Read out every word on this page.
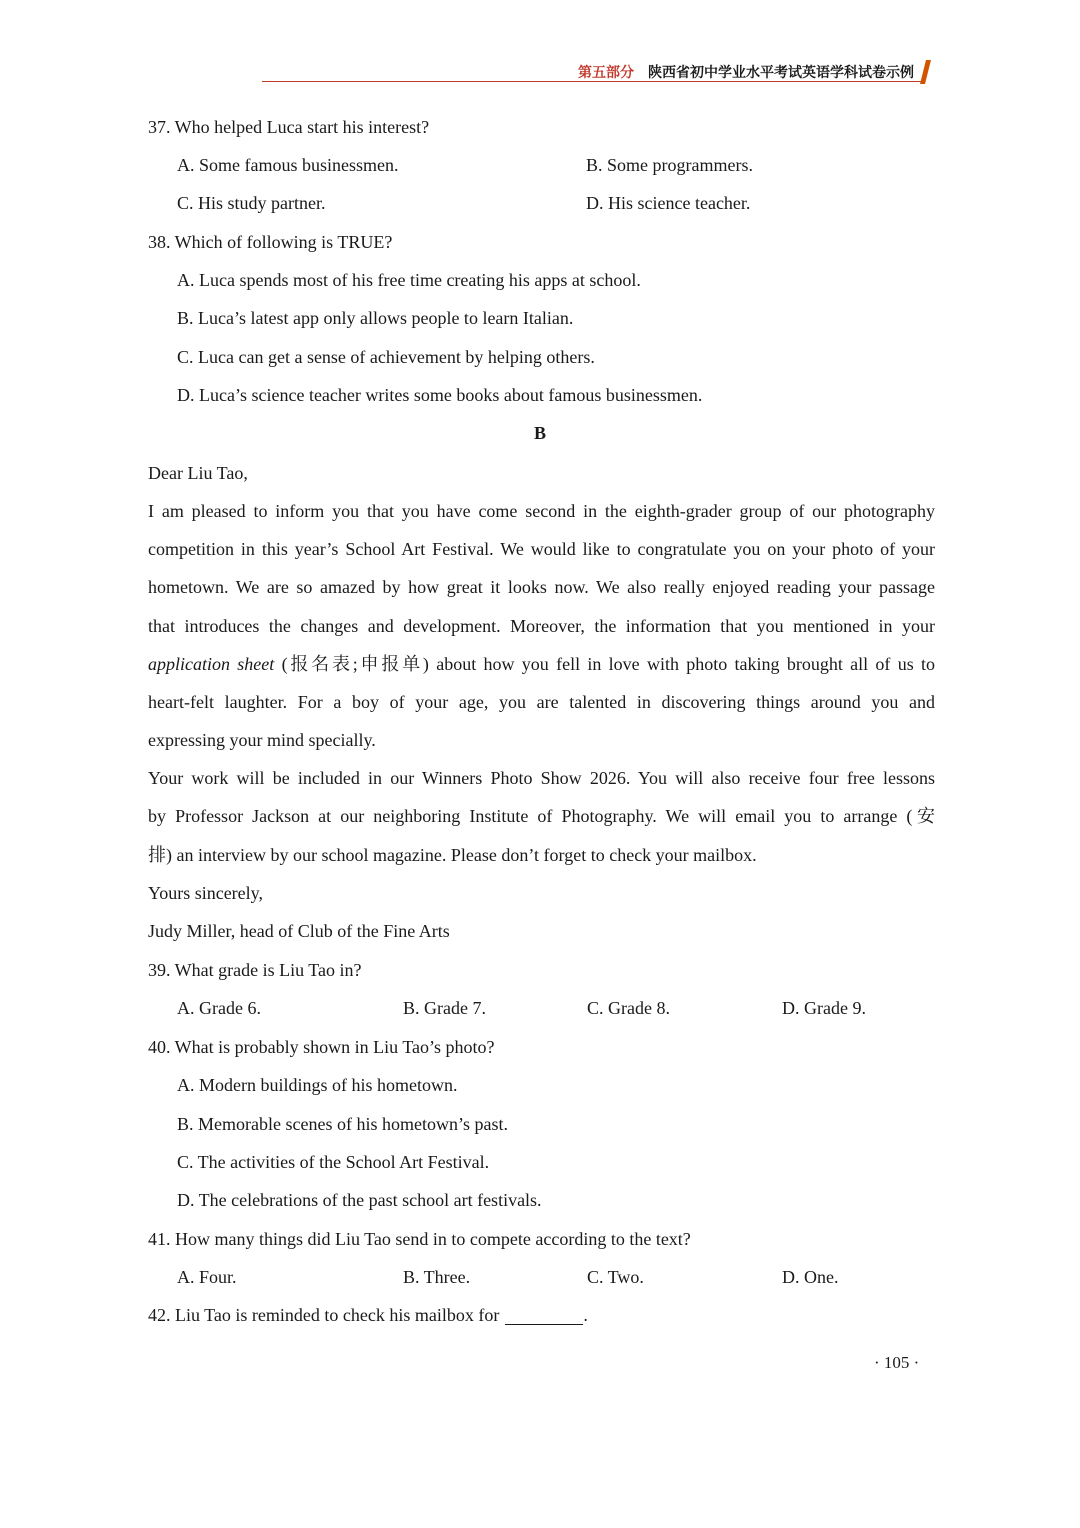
第五部分 陕西省初中学业水平考试英语学科试卷示例
37. Who helped Luca start his interest?
A. Some famous businessmen.	B. Some programmers.
C. His study partner.	D. His science teacher.
38. Which of following is TRUE?
A. Luca spends most of his free time creating his apps at school.
B. Luca’s latest app only allows people to learn Italian.
C. Luca can get a sense of achievement by helping others.
D. Luca’s science teacher writes some books about famous businessmen.
B
Dear Liu Tao,
I am pleased to inform you that you have come second in the eighth-grader group of our photography
competition in this year’s School Art Festival. We would like to congratulate you on your photo of your
hometown. We are so amazed by how great it looks now. We also really enjoyed reading your passage
that introduces the changes and development. Moreover, the information that you mentioned in your
application sheet (报名表;申报单) about how you fell in love with photo taking brought all of us to
heart-felt laughter. For a boy of your age, you are talented in discovering things around you and
expressing your mind specially.
Your work will be included in our Winners Photo Show 2026. You will also receive four free lessons
by Professor Jackson at our neighboring Institute of Photography. We will email you to arrange (安
排) an interview by our school magazine. Please don’t forget to check your mailbox.
Yours sincerely,
Judy Miller, head of Club of the Fine Arts
39. What grade is Liu Tao in?
A. Grade 6.	B. Grade 7.	C. Grade 8.	D. Grade 9.
40. What is probably shown in Liu Tao’s photo?
A. Modern buildings of his hometown.
B. Memorable scenes of his hometown’s past.
C. The activities of the School Art Festival.
D. The celebrations of the past school art festivals.
41. How many things did Liu Tao send in to compete according to the text?
A. Four.	B. Three.	C. Two.	D. One.
42. Liu Tao is reminded to check his mailbox for	.
· 105 ·
